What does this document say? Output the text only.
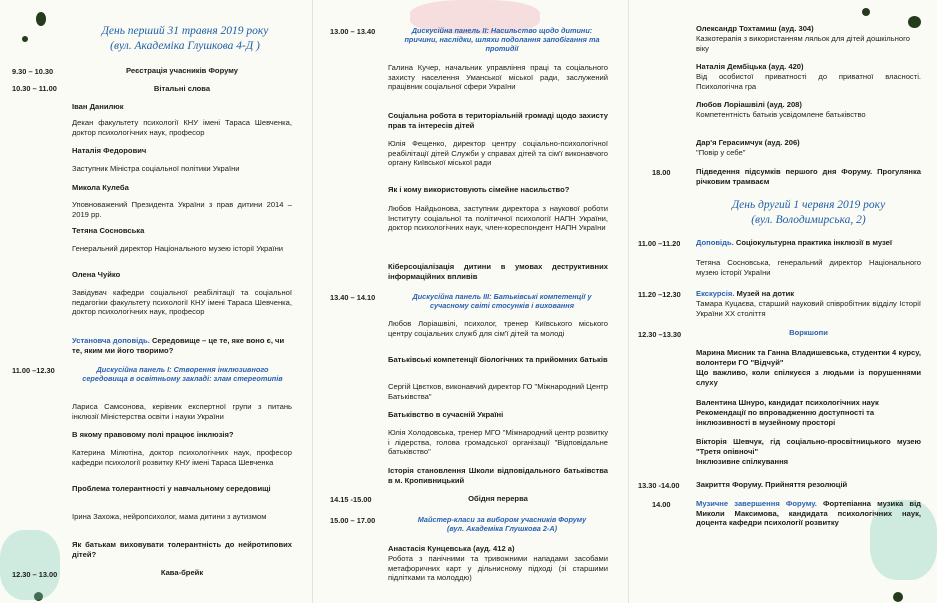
День перший 31 травня 2019 року
(вул. Академіка Глушкова 4-Д )
9.30 – 10.30	Реєстрація учасників Форуму
10.30 – 11.00	Вітальні слова
Іван Данилюк
Декан факультету психології КНУ імені Тараса Шевченка, доктор психологічних наук, професор
Наталія Федорович
Заступник Міністра соціальної політики України
Микола Кулеба
Уповноважений Президента України з прав дитини 2014 – 2019 рр.
Тетяна Сосновська
Генеральний директор Національного музею історії України
Олена Чуйко
Завідувач кафедри соціальної реабілітації та соціальної педагогіки факультету психології КНУ імені Тараса Шевченка, доктор психологічних наук, професор
Установча доповідь. Середовище – це те, яке воно є, чи те, яким ми його творимо?
11.00 –12.30	Дискусійна панель І: Створення інклюзивного середовища в освітньому закладі: злам стереотипів
Лариса Самсонова, керівник експертної групи з питань інклюзії Міністерства освіти і науки України
В якому правовому полі працює інклюзія?
Катерина Мілютіна, доктор психологічних наук, професор кафедри психології розвитку КНУ імені Тараса Шевченка
Проблема толерантності у навчальному середовищі
Ірина Захожа, нейропсихолог, мама дитини з аутизмом
Як батькам виховувати толерантність до нейротипових дітей?
12.30 – 13.00	Кава-брейк
13.00 – 13.40	Дискусійна панель ІІ: Насильство щодо дитини: причини, наслідки, шляхи подолання запобігання та протидії
Галина Кучер, начальник управління праці та соціального захисту населення Уманської міської ради, заслужений працівник соціальної сфери України
Соціальна робота в територіальній громаді щодо захисту прав та інтересів дітей
Юлія Фещенко, директор центру соціально-психологічної реабілітації дітей Служби у справах дітей та сім'ї виконавчого органу Київської міської ради
Як і кому використовують сімейне насильство?
Любов Найдьонова, заступник директора з наукової роботи Інституту соціальної та політичної психології НАПН України, доктор психологічних наук, член-кореспондент НАПН України
Кіберсоціалізація дитини в умовах деструктивних інформаційних впливів
13.40 – 14.10	Дискусійна панель ІІІ: Батьківські компетенції у сучасному світі стосунків і виховання
Любов Лоріашвілі, психолог, тренер Київського міського центру соціальних служб для сім'ї дітей та молоді
Батьківські компетенції біологічних та прийомних батьків
Сергій Цвєтков, виконавчий директор ГО "Міжнародний Центр Батьківства"
Батьківство в сучасній Україні
Юлія Холодовська, тренер МГО "Міжнародний центр розвитку і лідерства, голова громадської організації "Відповідальне батьківство"
Історія становлення Школи відповідального батьківства в м. Кропивницький
14.15 -15.00	Обідня перерва
15.00 – 17.00	Майстер-класи за вибором учасників Форуму
(вул. Академіка Глушкова 2-А)
Анастасія Кунцевська (ауд. 412 а)
Робота з панічними та тривожними нападами засобами метафоричних карт у дільнисному підході (зі старшими підлітками та молоддю)
Олександр Тохтамиш (ауд. 304)
Казкотерапія з використанням ляльок для дітей дошкільного віку
Наталія Дембіцька (ауд. 420)
Від особистої приватності до приватної власності. Психологічна гра
Любов Лоріашвілі (ауд. 208)
Компетентність батьків усвідомлене батьківство
Дар'я Герасимчук (ауд. 206)
"Повір у себе"
18.00	Підведення підсумків першого дня Форуму. Прогулянка річковим трамваєм
День другий 1 червня 2019 року
(вул. Володимирська, 2)
11.00 –11.20 Доповідь. Соціокультурна практика інклюзії в музеї
Тетяна Сосновська, генеральний директор Національного музею історії України
11.20 –12.30 Екскурсія. Музей на дотик
Тамара Куцаєва, старший науковий співробітник відділу Історії України ХХ століття
12.30 –13.30	Воркшопи
Марина Мисник та Ганна Владишевська, студентки 4 курсу, волонтери ГО "Відчуй"
Що важливо, коли спілкуєся з людьми із порушеннями слуху
Валентина Шнуро, кандидат психологічних наук
Рекомендації по впровадженню доступності та інклюзивності в музейному просторі
Вікторія Шевчук, гід соціально-просвітницького музею "Третя опівночі"
Інклюзивне спілкування
13.30 -14.00 Закриття Форуму. Прийняття резолюцій
14.00	Музичне завершення Форуму. Фортепіанна музика від Миколи Максимова, кандидата психологічних наук, доцента кафедри психології розвитку
